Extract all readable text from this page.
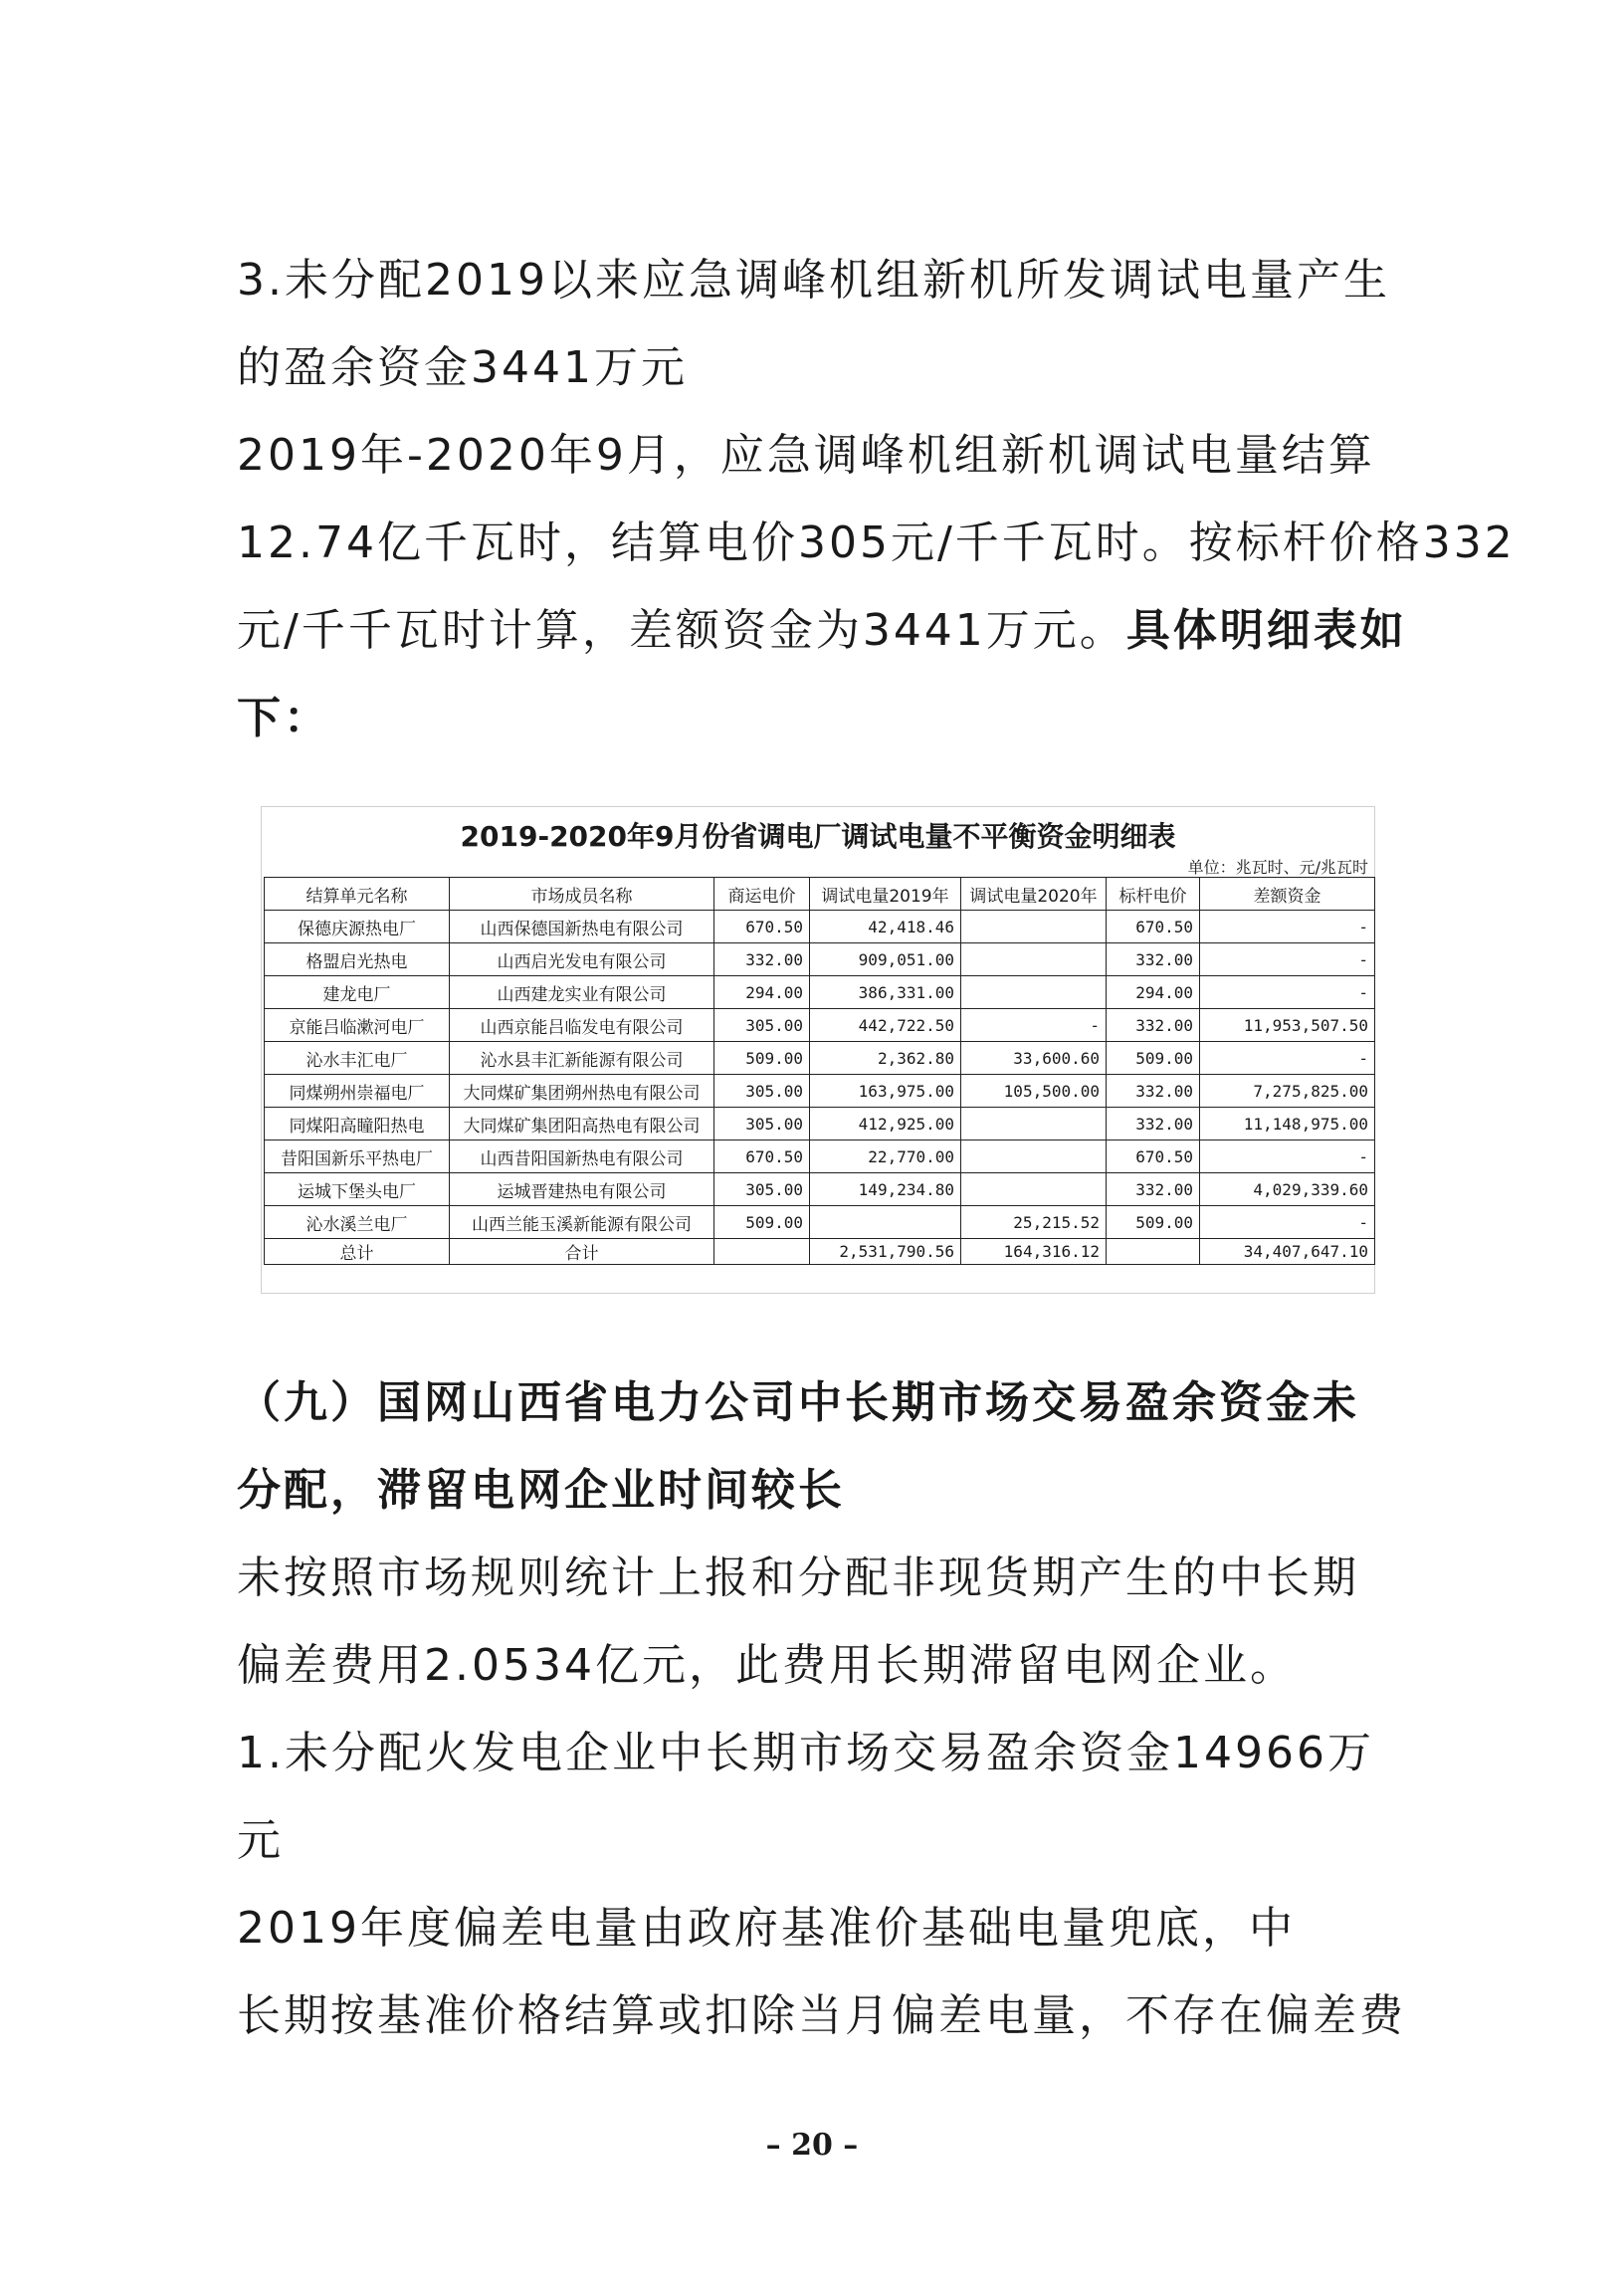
3.未分配2019以来应急调峰机组新机所发调试电量产生

的盈余资金3441万元

2019年-2020年9月，应急调峰机组新机调试电量结算

12.74亿千瓦时，结算电价305元/千千瓦时。按标杆价格332

元/千千瓦时计算，差额资金为3441万元。具体明细表如

下：

2019-2020年9月份省调电厂调试电量不平衡资金明细表
单位：兆瓦时、元/兆瓦时
结算单元名称	市场成员名称	商运电价	调试电量2019年	调试电量2020年	标杆电价	差额资金
保德庆源热电厂	山西保德国新热电有限公司	670.50	42,418.46		670.50	-
格盟启光热电	山西启光发电有限公司	332.00	909,051.00		332.00	-
建龙电厂	山西建龙实业有限公司	294.00	386,331.00		294.00	-
京能吕临漱河电厂	山西京能吕临发电有限公司	305.00	442,722.50	-	332.00	11,953,507.50
沁水丰汇电厂	沁水县丰汇新能源有限公司	509.00	2,362.80	33,600.60	509.00	-
同煤朔州崇福电厂	大同煤矿集团朔州热电有限公司	305.00	163,975.00	105,500.00	332.00	7,275,825.00
同煤阳高瞳阳热电	大同煤矿集团阳高热电有限公司	305.00	412,925.00		332.00	11,148,975.00
昔阳国新乐平热电厂	山西昔阳国新热电有限公司	670.50	22,770.00		670.50	-
运城下堡头电厂	运城晋建热电有限公司	305.00	149,234.80		332.00	4,029,339.60
沁水溪兰电厂	山西兰能玉溪新能源有限公司	509.00		25,215.52	509.00	-
总计	合计		2,531,790.56	164,316.12		34,407,647.10

（九）国网山西省电力公司中长期市场交易盈余资金未

分配，滞留电网企业时间较长

未按照市场规则统计上报和分配非现货期产生的中长期

偏差费用2.0534亿元，此费用长期滞留电网企业。

1.未分配火发电企业中长期市场交易盈余资金14966万

元

2019年度偏差电量由政府基准价基础电量兜底，中

长期按基准价格结算或扣除当月偏差电量，不存在偏差费

– 20 –
